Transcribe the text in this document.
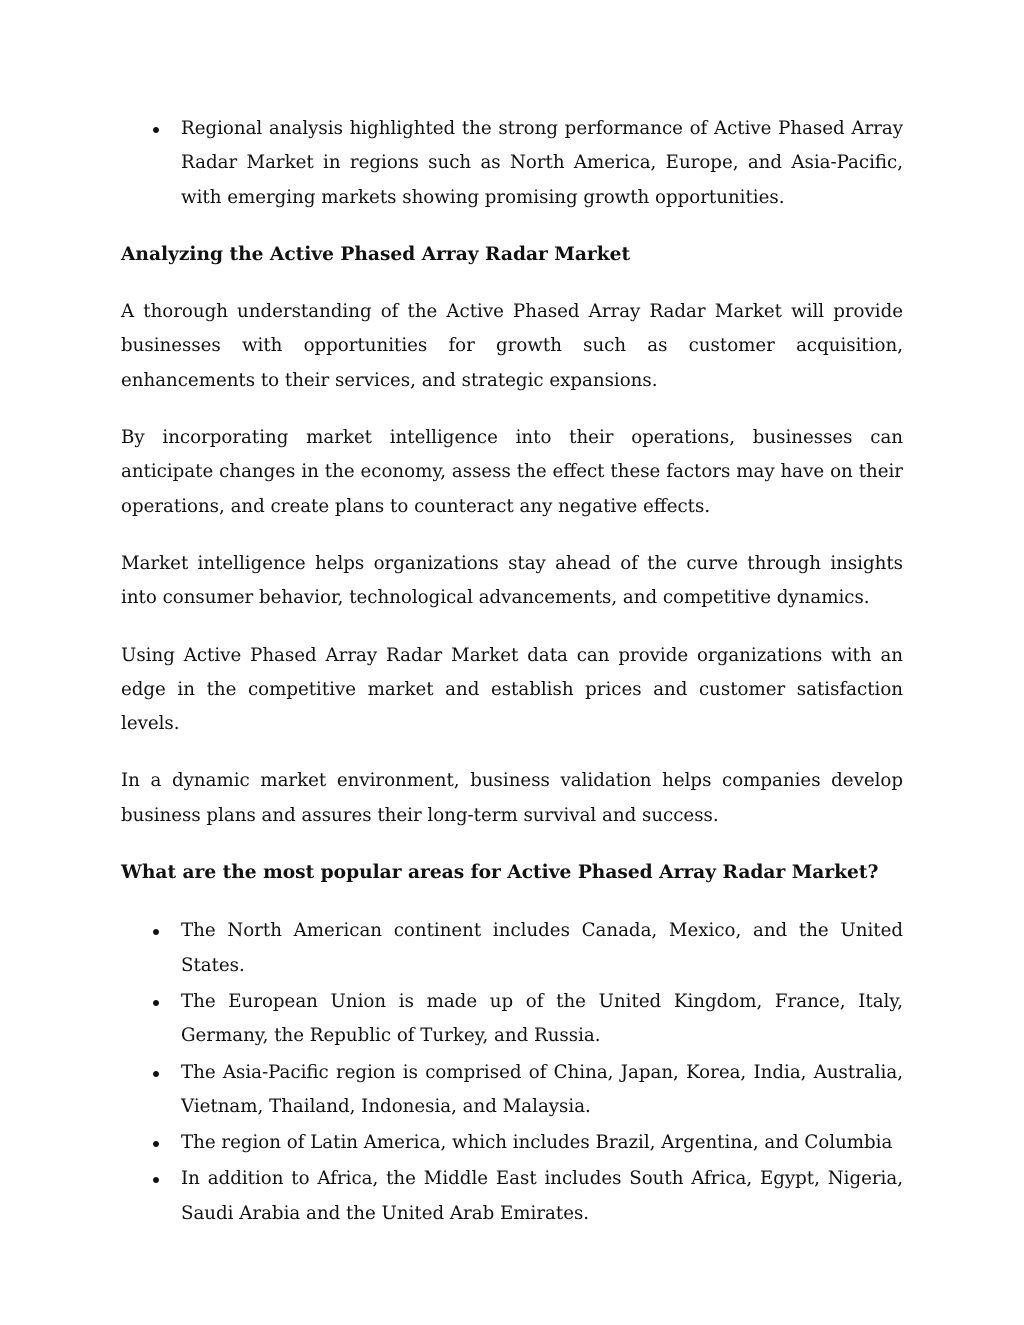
Regional analysis highlighted the strong performance of Active Phased Array Radar Market in regions such as North America, Europe, and Asia-Pacific, with emerging markets showing promising growth opportunities.
Analyzing the Active Phased Array Radar Market

A thorough understanding of the Active Phased Array Radar Market will provide businesses with opportunities for growth such as customer acquisition, enhancements to their services, and strategic expansions.

By incorporating market intelligence into their operations, businesses can anticipate changes in the economy, assess the effect these factors may have on their operations, and create plans to counteract any negative effects.

Market intelligence helps organizations stay ahead of the curve through insights into consumer behavior, technological advancements, and competitive dynamics.

Using Active Phased Array Radar Market data can provide organizations with an edge in the competitive market and establish prices and customer satisfaction levels.

In a dynamic market environment, business validation helps companies develop business plans and assures their long-term survival and success.

What are the most popular areas for Active Phased Array Radar Market?
The North American continent includes Canada, Mexico, and the United States.
The European Union is made up of the United Kingdom, France, Italy, Germany, the Republic of Turkey, and Russia.
The Asia-Pacific region is comprised of China, Japan, Korea, India, Australia, Vietnam, Thailand, Indonesia, and Malaysia.
The region of Latin America, which includes Brazil, Argentina, and Columbia
In addition to Africa, the Middle East includes South Africa, Egypt, Nigeria, Saudi Arabia and the United Arab Emirates.
